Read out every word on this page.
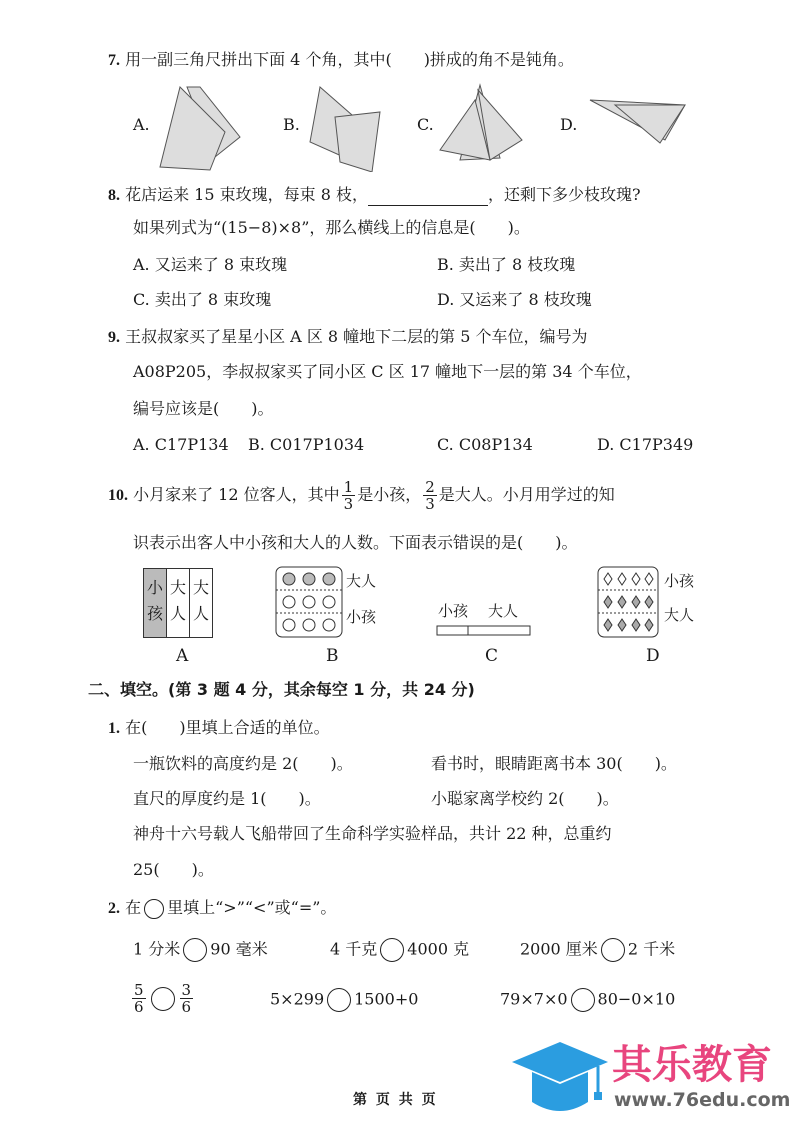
7. 用一副三角尺拼出下面 4 个角，其中(　　)拼成的角不是钝角。
A.	B.	C.	D.
8. 花店运来 15 束玫瑰，每束 8 枝，	，还剩下多少枝玫瑰?
如果列式为“(15−8)×8”，那么横线上的信息是(　　)。
A. 又运来了 8 束玫瑰	B. 卖出了 8 枝玫瑰
C. 卖出了 8 束玫瑰	D. 又运来了 8 枝玫瑰
9. 王叔叔家买了星星小区 A 区 8 幢地下二层的第 5 个车位，编号为
A08P205，李叔叔家买了同小区 C 区 17 幢地下一层的第 34 个车位，
编号应该是(　　)。
A. C17P134 B. C017P1034	C. C08P134	D. C17P349
10. 小月家来了 12 位客人，其中 $\frac{1}{3}$ 是小孩， $\frac{2}{3}$ 是大人。小月用学过的知
识表示出客人中小孩和大人的人数。下面表示错误的是(　　)。
小
孩
大
人
大
人
大人
小孩	小孩 大人
小孩
大人
A	B	C	D
二、填空。(第 3 题 4 分，其余每空 1 分，共 24 分)
1. 在(　　)里填上合适的单位。
一瓶饮料的高度约是 2(　　)。	看书时，眼睛距离书本 30(　　)。
直尺的厚度约是 1(　　)。	小聪家离学校约 2(　　)。
神舟十六号载人飞船带回了生命科学实验样品，共计 22 种，总重约
25(　　)。
2. 在 里填上“>”“<”或“=”。
1 分米 90 毫米	4 千克 4000 克	2000 厘米 2 千米
$\frac{5}{6} \frac{3}{6}$	5×299 1500+0	79×7×0 80−0×10
第 页 共 页
其乐教育
www.76edu.com
